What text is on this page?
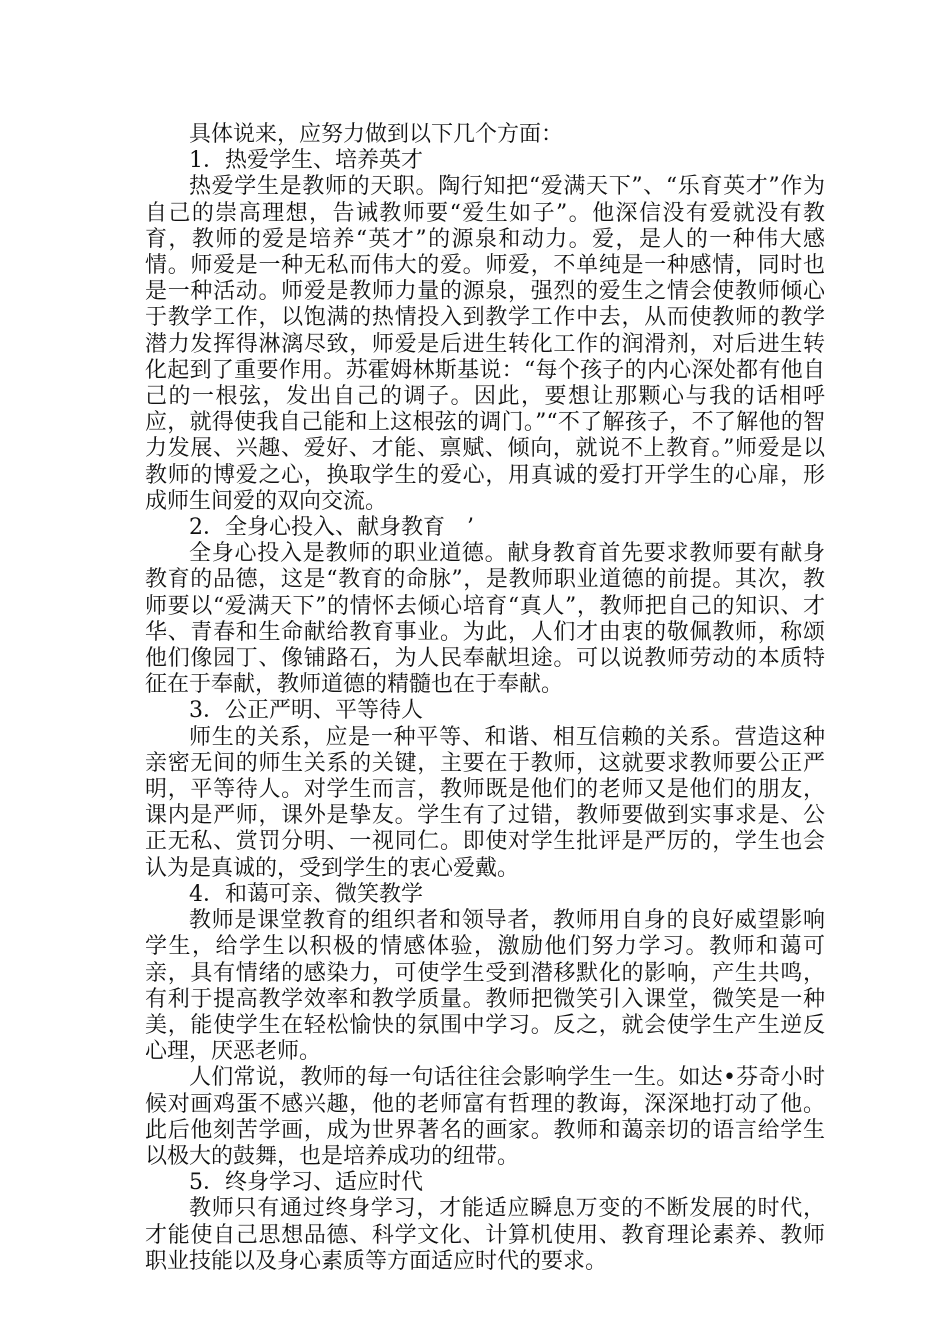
具体说来，应努力做到以下几个方面：

1．热爱学生、培养英才

热爱学生是教师的天职。陶行知把“爱满天下”、“乐育英才”作为自己的崇高理想，告诫教师要“爱生如子”。他深信没有爱就没有教育，教师的爱是培养“英才”的源泉和动力。爱，是人的一种伟大感情。师爱是一种无私而伟大的爱。师爱，不单纯是一种感情，同时也是一种活动。师爱是教师力量的源泉，强烈的爱生之情会使教师倾心于教学工作，以饱满的热情投入到教学工作中去，从而使教师的教学潜力发挥得淋漓尽致，师爱是后进生转化工作的润滑剂，对后进生转化起到了重要作用。苏霍姆林斯基说：“每个孩子的内心深处都有他自己的一根弦，发出自己的调子。因此，要想让那颗心与我的话相呼应，就得使我自己能和上这根弦的调门。”“不了解孩子，不了解他的智力发展、兴趣、爱好、才能、禀赋、倾向，就说不上教育。”师爱是以教师的博爱之心，换取学生的爱心，用真诚的爱打开学生的心扉，形成师生间爱的双向交流。

2．全身心投入、献身教育　’

全身心投入是教师的职业道德。献身教育首先要求教师要有献身教育的品德，这是“教育的命脉”，是教师职业道德的前提。其次，教师要以“爱满天下”的情怀去倾心培育“真人”，教师把自己的知识、才华、青春和生命献给教育事业。为此，人们才由衷的敬佩教师，称颂他们像园丁、像铺路石，为人民奉献坦途。可以说教师劳动的本质特征在于奉献，教师道德的精髓也在于奉献。

3．公正严明、平等待人

师生的关系，应是一种平等、和谐、相互信赖的关系。营造这种亲密无间的师生关系的关键，主要在于教师，这就要求教师要公正严明，平等待人。对学生而言，教师既是他们的老师又是他们的朋友，课内是严师，课外是挚友。学生有了过错，教师要做到实事求是、公正无私、赏罚分明、一视同仁。即使对学生批评是严厉的，学生也会认为是真诚的，受到学生的衷心爱戴。

4．和蔼可亲、微笑教学

教师是课堂教育的组织者和领导者，教师用自身的良好威望影响学生，给学生以积极的情感体验，激励他们努力学习。教师和蔼可亲，具有情绪的感染力，可使学生受到潜移默化的影响，产生共鸣，有利于提高教学效率和教学质量。教师把微笑引入课堂，微笑是一种美，能使学生在轻松愉快的氛围中学习。反之，就会使学生产生逆反心理，厌恶老师。

人们常说，教师的每一句话往往会影响学生一生。如达•芬奇小时候对画鸡蛋不感兴趣，他的老师富有哲理的教诲，深深地打动了他。此后他刻苦学画，成为世界著名的画家。教师和蔼亲切的语言给学生以极大的鼓舞，也是培养成功的纽带。

5．终身学习、适应时代

教师只有通过终身学习，才能适应瞬息万变的不断发展的时代，才能使自己思想品德、科学文化、计算机使用、教育理论素养、教师职业技能以及身心素质等方面适应时代的要求。
